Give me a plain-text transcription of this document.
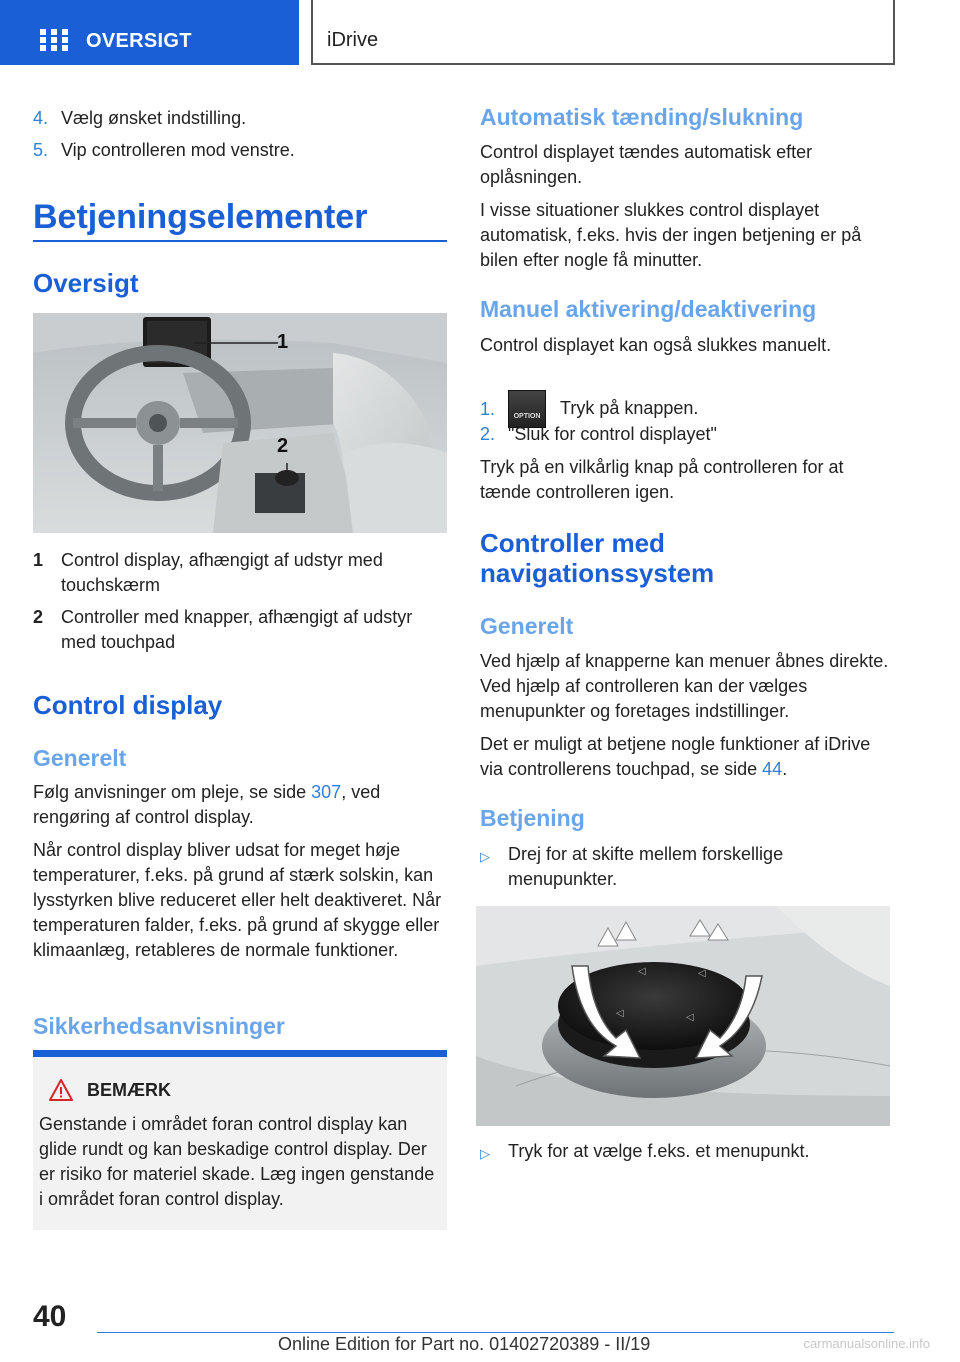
OVERSIGT	iDrive
4. Vælg ønsket indstilling.
5. Vip controlleren mod venstre.
Betjeningselementer
Oversigt
1
2
1 Control display, afhængigt af udstyr med touchskærm
2 Controller med knapper, afhængigt af udstyr med touchpad
Control display
Generelt
Følg anvisninger om pleje, se side 307, ved rengøring af control display.
Når control display bliver udsat for meget høje temperaturer, f.eks. på grund af stærk solskin, kan lysstyrken blive reduceret eller helt deaktiveret. Når temperaturen falder, f.eks. på grund af skygge eller klimaanlæg, retableres de normale funktioner.
Sikkerhedsanvisninger
BEMÆRK
Genstande i området foran control display kan glide rundt og kan beskadige control display. Der er risiko for materiel skade. Læg ingen genstande i området foran control display.
Automatisk tænding/slukning
Control displayet tændes automatisk efter oplåsningen.
I visse situationer slukkes control displayet automatisk, f.eks. hvis der ingen betjening er på bilen efter nogle få minutter.
Manuel aktivering/deaktivering
Control displayet kan også slukkes manuelt.
1.	OPTION Tryk på knappen.
2. "Sluk for control displayet"
Tryk på en vilkårlig knap på controlleren for at tænde controlleren igen.
Controller med navigationssystem
Generelt
Ved hjælp af knapperne kan menuer åbnes direkte. Ved hjælp af controlleren kan der vælges menupunkter og foretages indstillinger.
Det er muligt at betjene nogle funktioner af iDrive via controllerens touchpad, se side 44.
Betjening
▷	Drej for at skifte mellem forskellige menupunkter.
◁	◁
◁	◁
▷	Tryk for at vælge f.eks. et menupunkt.
40
Online Edition for Part no. 01402720389 - II/19	carmanualsonline.info
